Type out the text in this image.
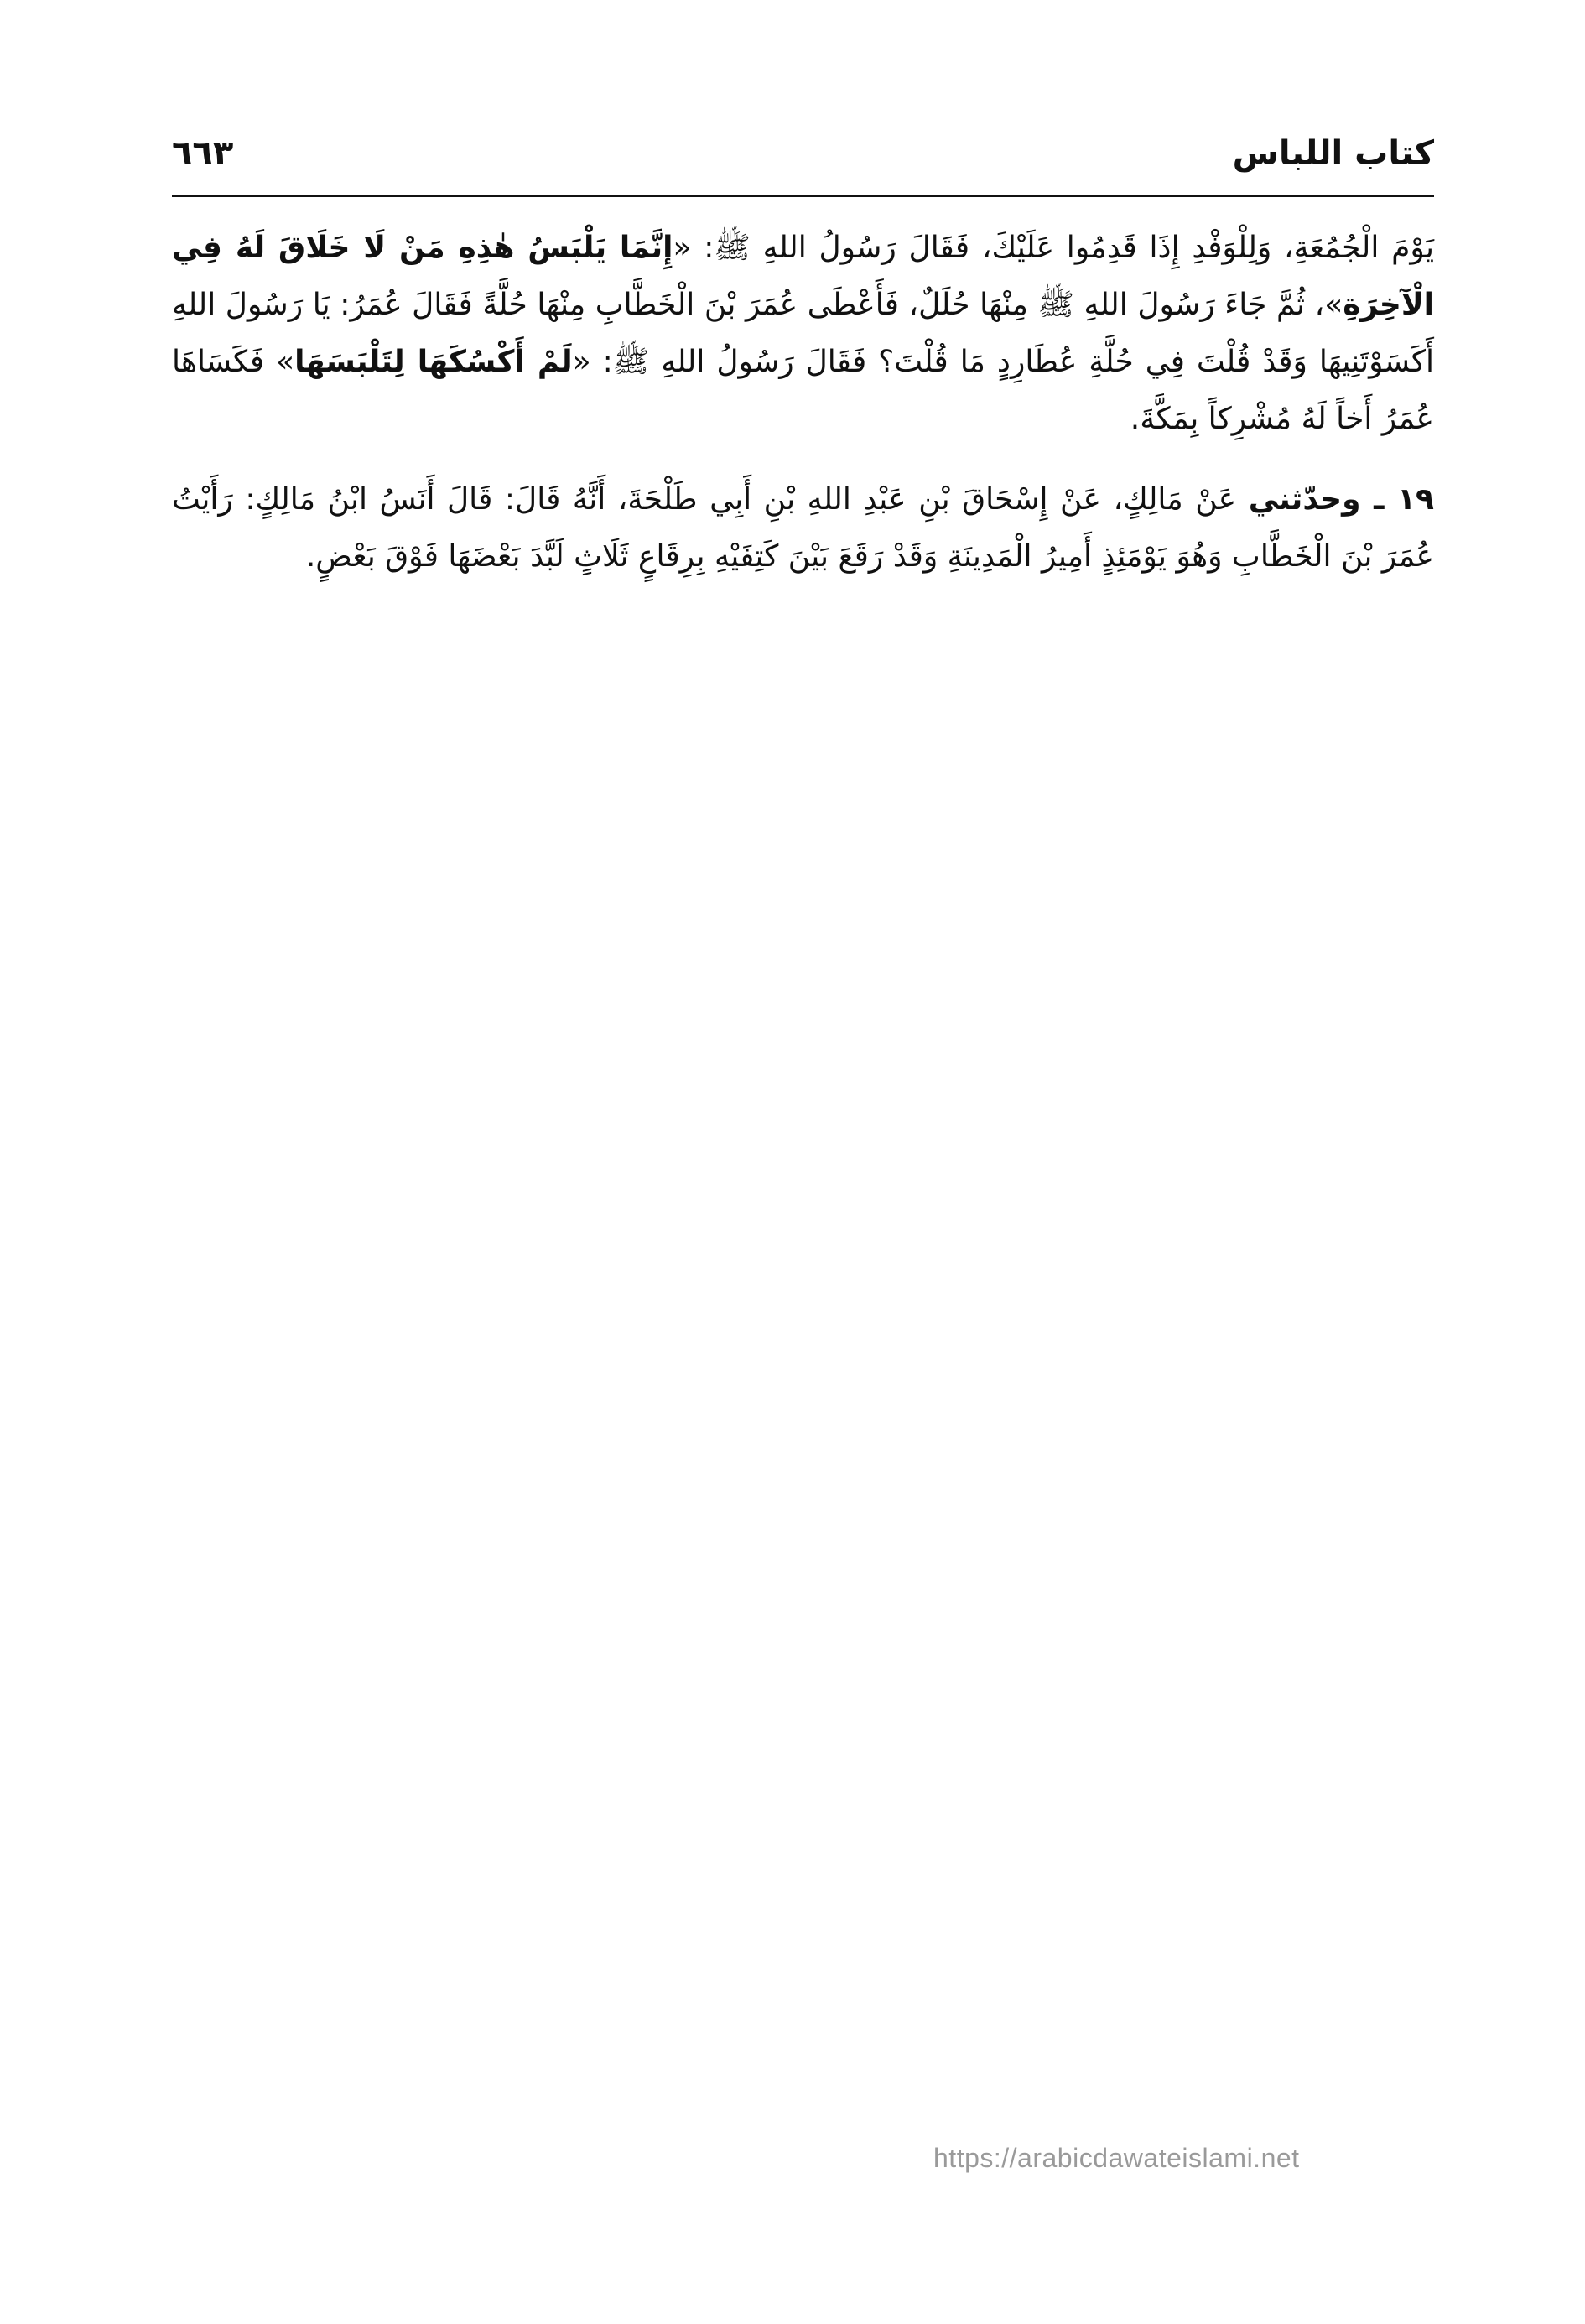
كتاب اللباس
٦٦٣

يَوْمَ الْجُمُعَةِ، وَلِلْوَفْدِ إِذَا قَدِمُوا عَلَيْكَ، فَقَالَ رَسُولُ اللهِ ﷺ: «إِنَّمَا يَلْبَسُ هٰذِهِ مَنْ لَا خَلَاقَ لَهُ فِي الْآخِرَةِ»، ثُمَّ جَاءَ رَسُولَ اللهِ ﷺ مِنْهَا حُلَلٌ، فَأَعْطَى عُمَرَ بْنَ الْخَطَّابِ مِنْهَا حُلَّةً فَقَالَ عُمَرُ: يَا رَسُولَ اللهِ أَكَسَوْتَنِيهَا وَقَدْ قُلْتَ فِي حُلَّةِ عُطَارِدٍ مَا قُلْتَ؟ فَقَالَ رَسُولُ اللهِ ﷺ: «لَمْ أَكْسُكَهَا لِتَلْبَسَهَا» فَكَسَاهَا عُمَرُ أَخاً لَهُ مُشْرِكاً بِمَكَّةَ.

١٩ ـ وحدّثني عَنْ مَالِكٍ، عَنْ إِسْحَاقَ بْنِ عَبْدِ اللهِ بْنِ أَبِي طَلْحَةَ، أَنَّهُ قَالَ: قَالَ أَنَسُ ابْنُ مَالِكٍ: رَأَيْتُ عُمَرَ بْنَ الْخَطَّابِ وَهُوَ يَوْمَئِذٍ أَمِيرُ الْمَدِينَةِ وَقَدْ رَقَعَ بَيْنَ كَتِفَيْهِ بِرِقَاعٍ ثَلَاثٍ لَبَّدَ بَعْضَهَا فَوْقَ بَعْضٍ.

https://arabicdawateislami.net
